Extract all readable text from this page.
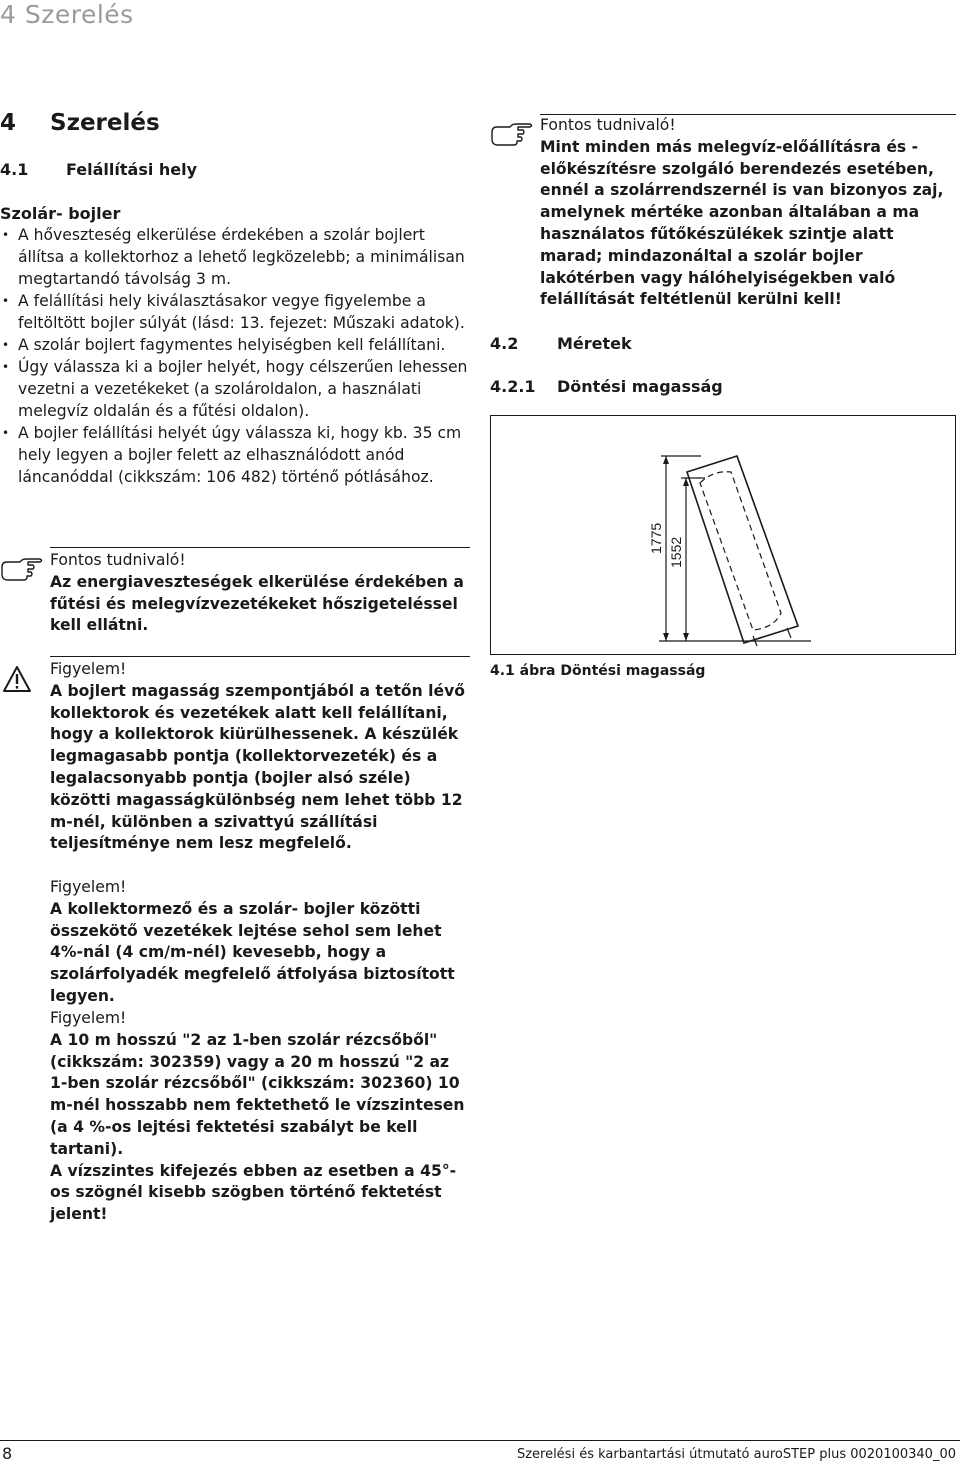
4 Szerelés
4 Szerelés
4.1 Felállítási hely
Szolár- bojler
• A hőveszteség elkerülése érdekében a szolár bojlert állítsa a kollektorhoz a lehető legközelebb; a minimálisan megtartandó távolság 3 m.
• A felállítási hely kiválasztásakor vegye figyelembe a feltöltött bojler súlyát (lásd: 13. fejezet: Műszaki adatok).
• A szolár bojlert fagymentes helyiségben kell felállítani.
• Úgy válassza ki a bojler helyét, hogy célszerűen lehessen vezetni a vezetékeket (a szolároldalon, a használati melegvíz oldalán és a fűtési oldalon).
• A bojler felállítási helyét úgy válassza ki, hogy kb. 35 cm hely legyen a bojler felett az elhasználódott anód láncanóddal (cikkszám: 106 482) történő pótlásához.
Fontos tudnivaló!
Az energiaveszteségek elkerülése érdekében a fűtési és melegvízvezetékeket hőszigeteléssel kell ellátni.
Figyelem!
A bojlert magasság szempontjából a tetőn lévő kollektorok és vezetékek alatt kell felállítani, hogy a kollektorok kiürülhessenek. A készülék legmagasabb pontja (kollektorvezeték) és a legalacsonyabb pontja (bojler alsó széle) közötti magasságkülönbség nem lehet több 12 m-nél, különben a szivattyú szállítási teljesítménye nem lesz megfelelő.
Figyelem!
A kollektormező és a szolár- bojler közötti összekötő vezetékek lejtése sehol sem lehet 4%-nál (4 cm/m-nél) kevesebb, hogy a szolárfolyadék megfelelő átfolyása biztosított legyen.
Figyelem!
A 10 m hosszú "2 az 1-ben szolár rézcsőből" (cikkszám: 302359) vagy a 20 m hosszú "2 az 1-ben szolár rézcsőből" (cikkszám: 302360) 10 m-nél hosszabb nem fektethető le vízszintesen (a 4 %-os lejtési fektetési szabályt be kell tartani).
A vízszintes kifejezés ebben az esetben a 45°-os szögnél kisebb szögben történő fektetést jelent!
Fontos tudnivaló!
Mint minden más melegvíz-előállításra és -előkészítésre szolgáló berendezés esetében, ennél a szolárrendszernél is van bizonyos zaj, amelynek mértéke azonban általában a ma használatos fűtőkészülékek szintje alatt marad; mindazonáltal a szolár bojler lakótérben vagy hálóhelyiségekben való felállítását feltétlenül kerülni kell!
4.2 Méretek
4.2.1 Döntési magasság
1775 1552
4.1 ábra Döntési magasság
8	Szerelési és karbantartási útmutató auroSTEP plus 0020100340_00
